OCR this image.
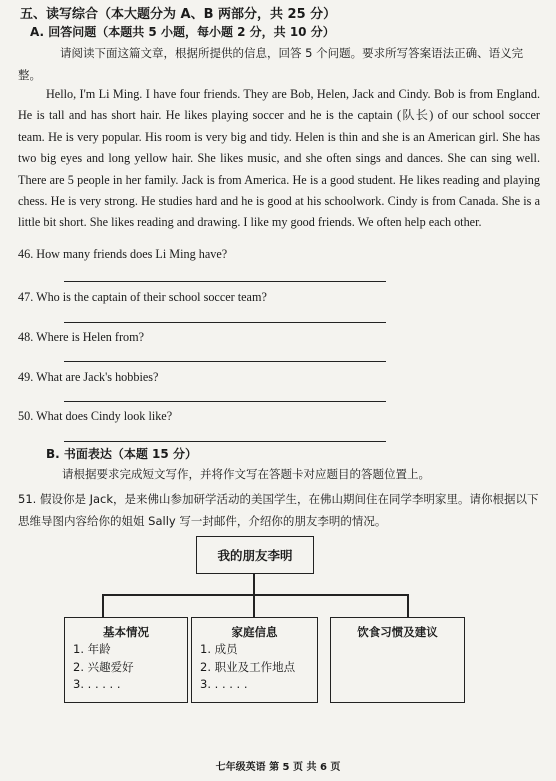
五、读写综合（本大题分为 A、B 两部分，共 25 分）
A. 回答问题（本题共 5 小题，每小题 2 分，共 10 分）
请阅读下面这篇文章，根据所提供的信息，回答 5 个问题。要求所写答案语法正确、语义完整。

Hello, I'm Li Ming. I have four friends. They are Bob, Helen, Jack and Cindy. Bob is from England. He is tall and has short hair. He likes playing soccer and he is the captain (队长) of our school soccer team. He is very popular. His room is very big and tidy. Helen is thin and she is an American girl. She has two big eyes and long yellow hair. She likes music, and she often sings and dances. She can sing well. There are 5 people in her family. Jack is from America. He is a good student. He likes reading and playing chess. He is very strong. He studies hard and he is good at his schoolwork. Cindy is from Canada. She is a little bit short. She likes reading and drawing. I like my good friends. We often help each other.

46. How many friends does Li Ming have?
47. Who is the captain of their school soccer team?
48. Where is Helen from?
49. What are Jack's hobbies?
50. What does Cindy look like?
B. 书面表达（本题 15 分）
请根据要求完成短文写作，并将作文写在答题卡对应题目的答题位置上。
51. 假设你是 Jack，是来佛山参加研学活动的美国学生，在佛山期间住在同学李明家里。请你根据以下思维导图内容给你的姐姐 Sally 写一封邮件，介绍你的朋友李明的情况。
我的朋友李明
基本情况
1. 年龄
2. 兴趣爱好
3. . . . . .
家庭信息
1. 成员
2. 职业及工作地点
3. . . . . .
饮食习惯及建议
七年级英语 第 5 页 共 6 页
